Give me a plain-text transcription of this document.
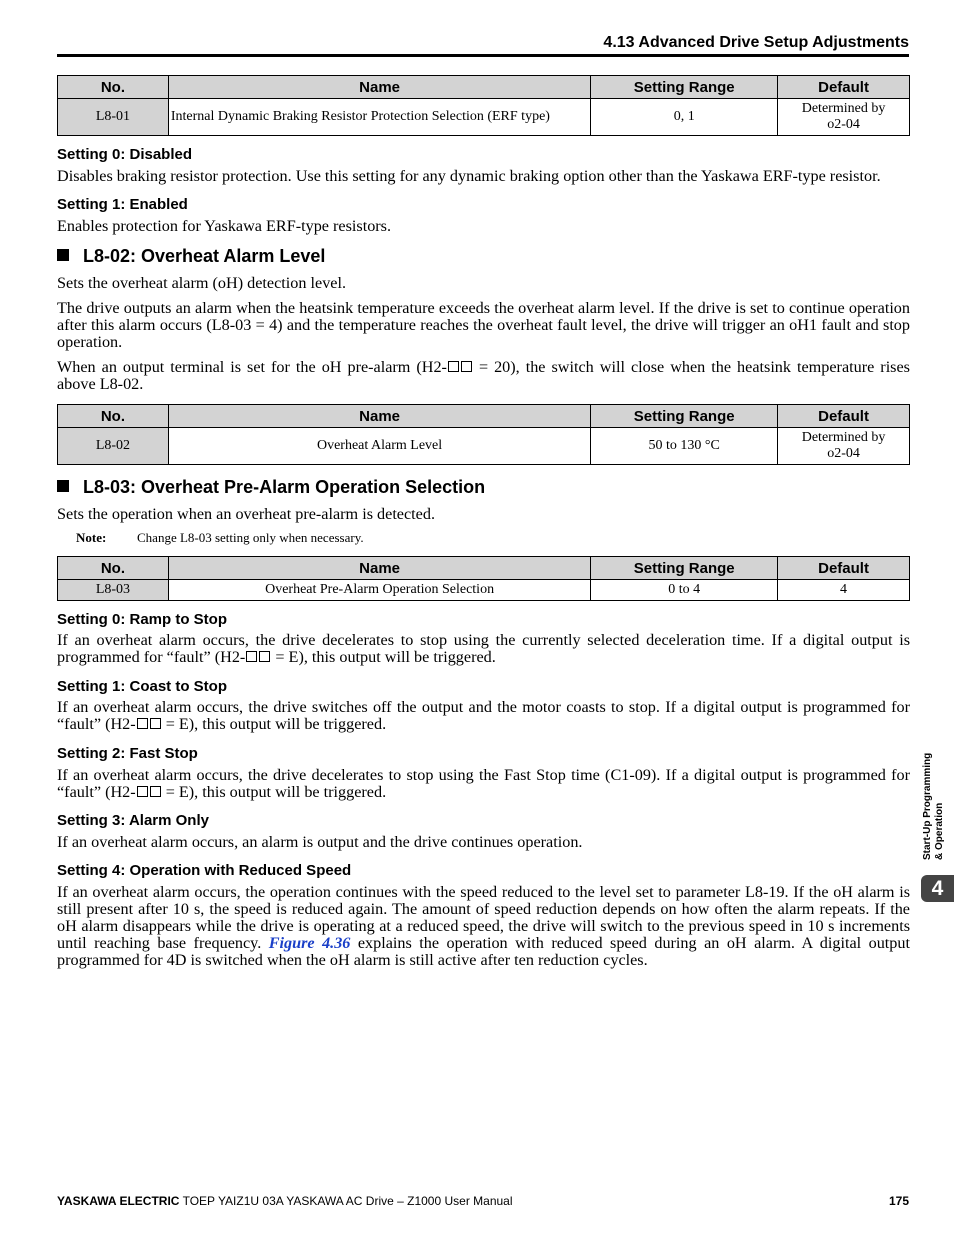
4.13 Advanced Drive Setup Adjustments
No.	Name	Setting Range	Default
L8-01	Internal Dynamic Braking Resistor Protection Selection (ERF type)	0, 1	Determined by
o2-04
Setting 0: Disabled
Disables braking resistor protection. Use this setting for any dynamic braking option other than the Yaskawa ERF-type resistor.
Setting 1: Enabled
Enables protection for Yaskawa ERF-type resistors.
L8-02: Overheat Alarm Level
Sets the overheat alarm (oH) detection level.
The drive outputs an alarm when the heatsink temperature exceeds the overheat alarm level. If the drive is set to continue operation after this alarm occurs (L8-03 = 4) and the temperature reaches the overheat fault level, the drive will trigger an oH1 fault and stop operation.
When an output terminal is set for the oH pre-alarm (H2- = 20), the switch will close when the heatsink temperature rises above L8-02.
No.	Name	Setting Range	Default
L8-02	Overheat Alarm Level	50 to 130 °C	Determined by
o2-04
L8-03: Overheat Pre-Alarm Operation Selection
Sets the operation when an overheat pre-alarm is detected.
Note: Change L8-03 setting only when necessary.
No.	Name	Setting Range	Default
L8-03	Overheat Pre-Alarm Operation Selection	0 to 4	4
Setting 0: Ramp to Stop
If an overheat alarm occurs, the drive decelerates to stop using the currently selected deceleration time. If a digital output is programmed for “fault” (H2- = E), this output will be triggered.
Setting 1: Coast to Stop
If an overheat alarm occurs, the drive switches off the output and the motor coasts to stop. If a digital output is programmed for “fault” (H2- = E), this output will be triggered.
Setting 2: Fast Stop
If an overheat alarm occurs, the drive decelerates to stop using the Fast Stop time (C1-09). If a digital output is programmed for “fault” (H2- = E), this output will be triggered.
Setting 3: Alarm Only
If an overheat alarm occurs, an alarm is output and the drive continues operation.
Setting 4: Operation with Reduced Speed
If an overheat alarm occurs, the operation continues with the speed reduced to the level set to parameter L8-19. If the oH alarm is still present after 10 s, the speed is reduced again. The amount of speed reduction depends on how often the alarm repeats. If the oH alarm disappears while the drive is operating at a reduced speed, the drive will switch to the previous speed in 10 s increments until reaching base frequency. Figure 4.36 explains the operation with reduced speed during an oH alarm. A digital output programmed for 4D is switched when the oH alarm is still active after ten reduction cycles.
Start-Up Programming & Operation
4
YASKAWA ELECTRIC TOEP YAIZ1U 03A YASKAWA AC Drive – Z1000 User Manual	175
